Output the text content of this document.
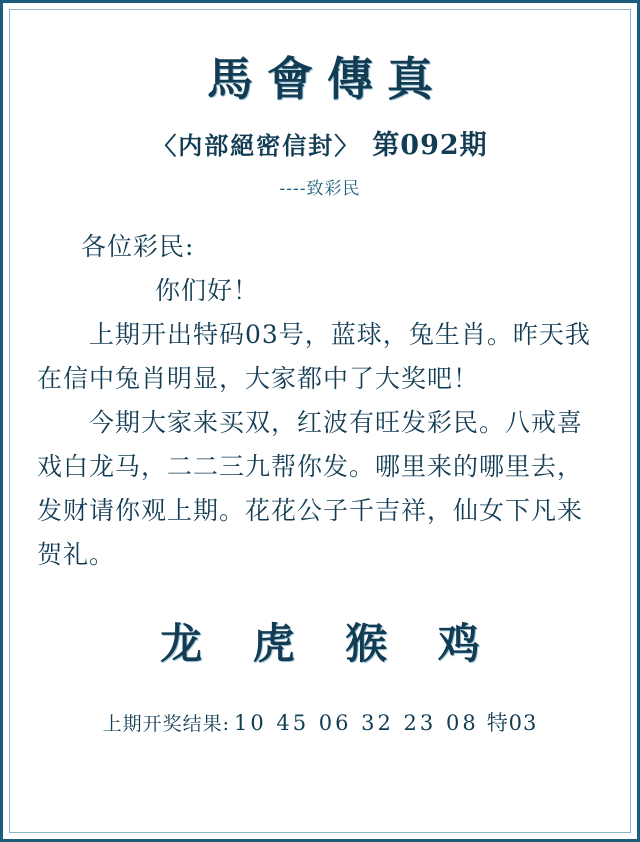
馬會傳真
〈内部絕密信封〉 第092期
----致彩民
各位彩民:
你们好！
上期开出特码03号，蓝球，兔生肖。昨天我在信中兔肖明显，大家都中了大奖吧！
今期大家来买双，红波有旺发彩民。八戒喜戏白龙马，二二三九帮你发。哪里来的哪里去，发财请你观上期。花花公子千吉祥，仙女下凡来贺礼。
龙 虎 猴 鸡
上期开奖结果: 10 45 06 32 23 08 特03
